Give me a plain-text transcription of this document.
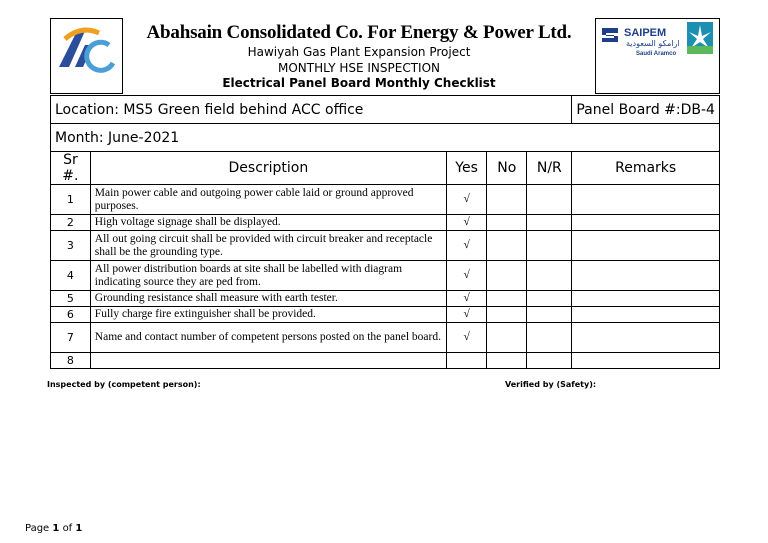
Abahsain Consolidated Co. For Energy & Power Ltd.
Hawiyah Gas Plant Expansion Project
MONTHLY HSE INSPECTION
Electrical Panel Board Monthly Checklist
SAIPEM
ارامكو السعودية
Saudi Aramco
Location: MS5 Green field behind ACC office					Panel Board #:DB-4
Month: June-2021					
Sr #.	Description	Yes	No	N/R	Remarks
1	Main power cable and outgoing power cable laid or ground approved purposes.	√			
2	High voltage signage shall be displayed.	√			
3	All out going circuit shall be provided with circuit breaker and receptacle shall be the grounding type.	√			
4	All power distribution boards at site shall be labelled with diagram indicating source they are ped from.	√			
5	Grounding resistance shall measure with earth tester.	√			
6	Fully charge fire extinguisher shall be provided.	√			
7	Name and contact number of competent persons posted on the panel board.	√			
8					
Inspected by (competent person):	Verified by (Safety):
Page 1 of 1
